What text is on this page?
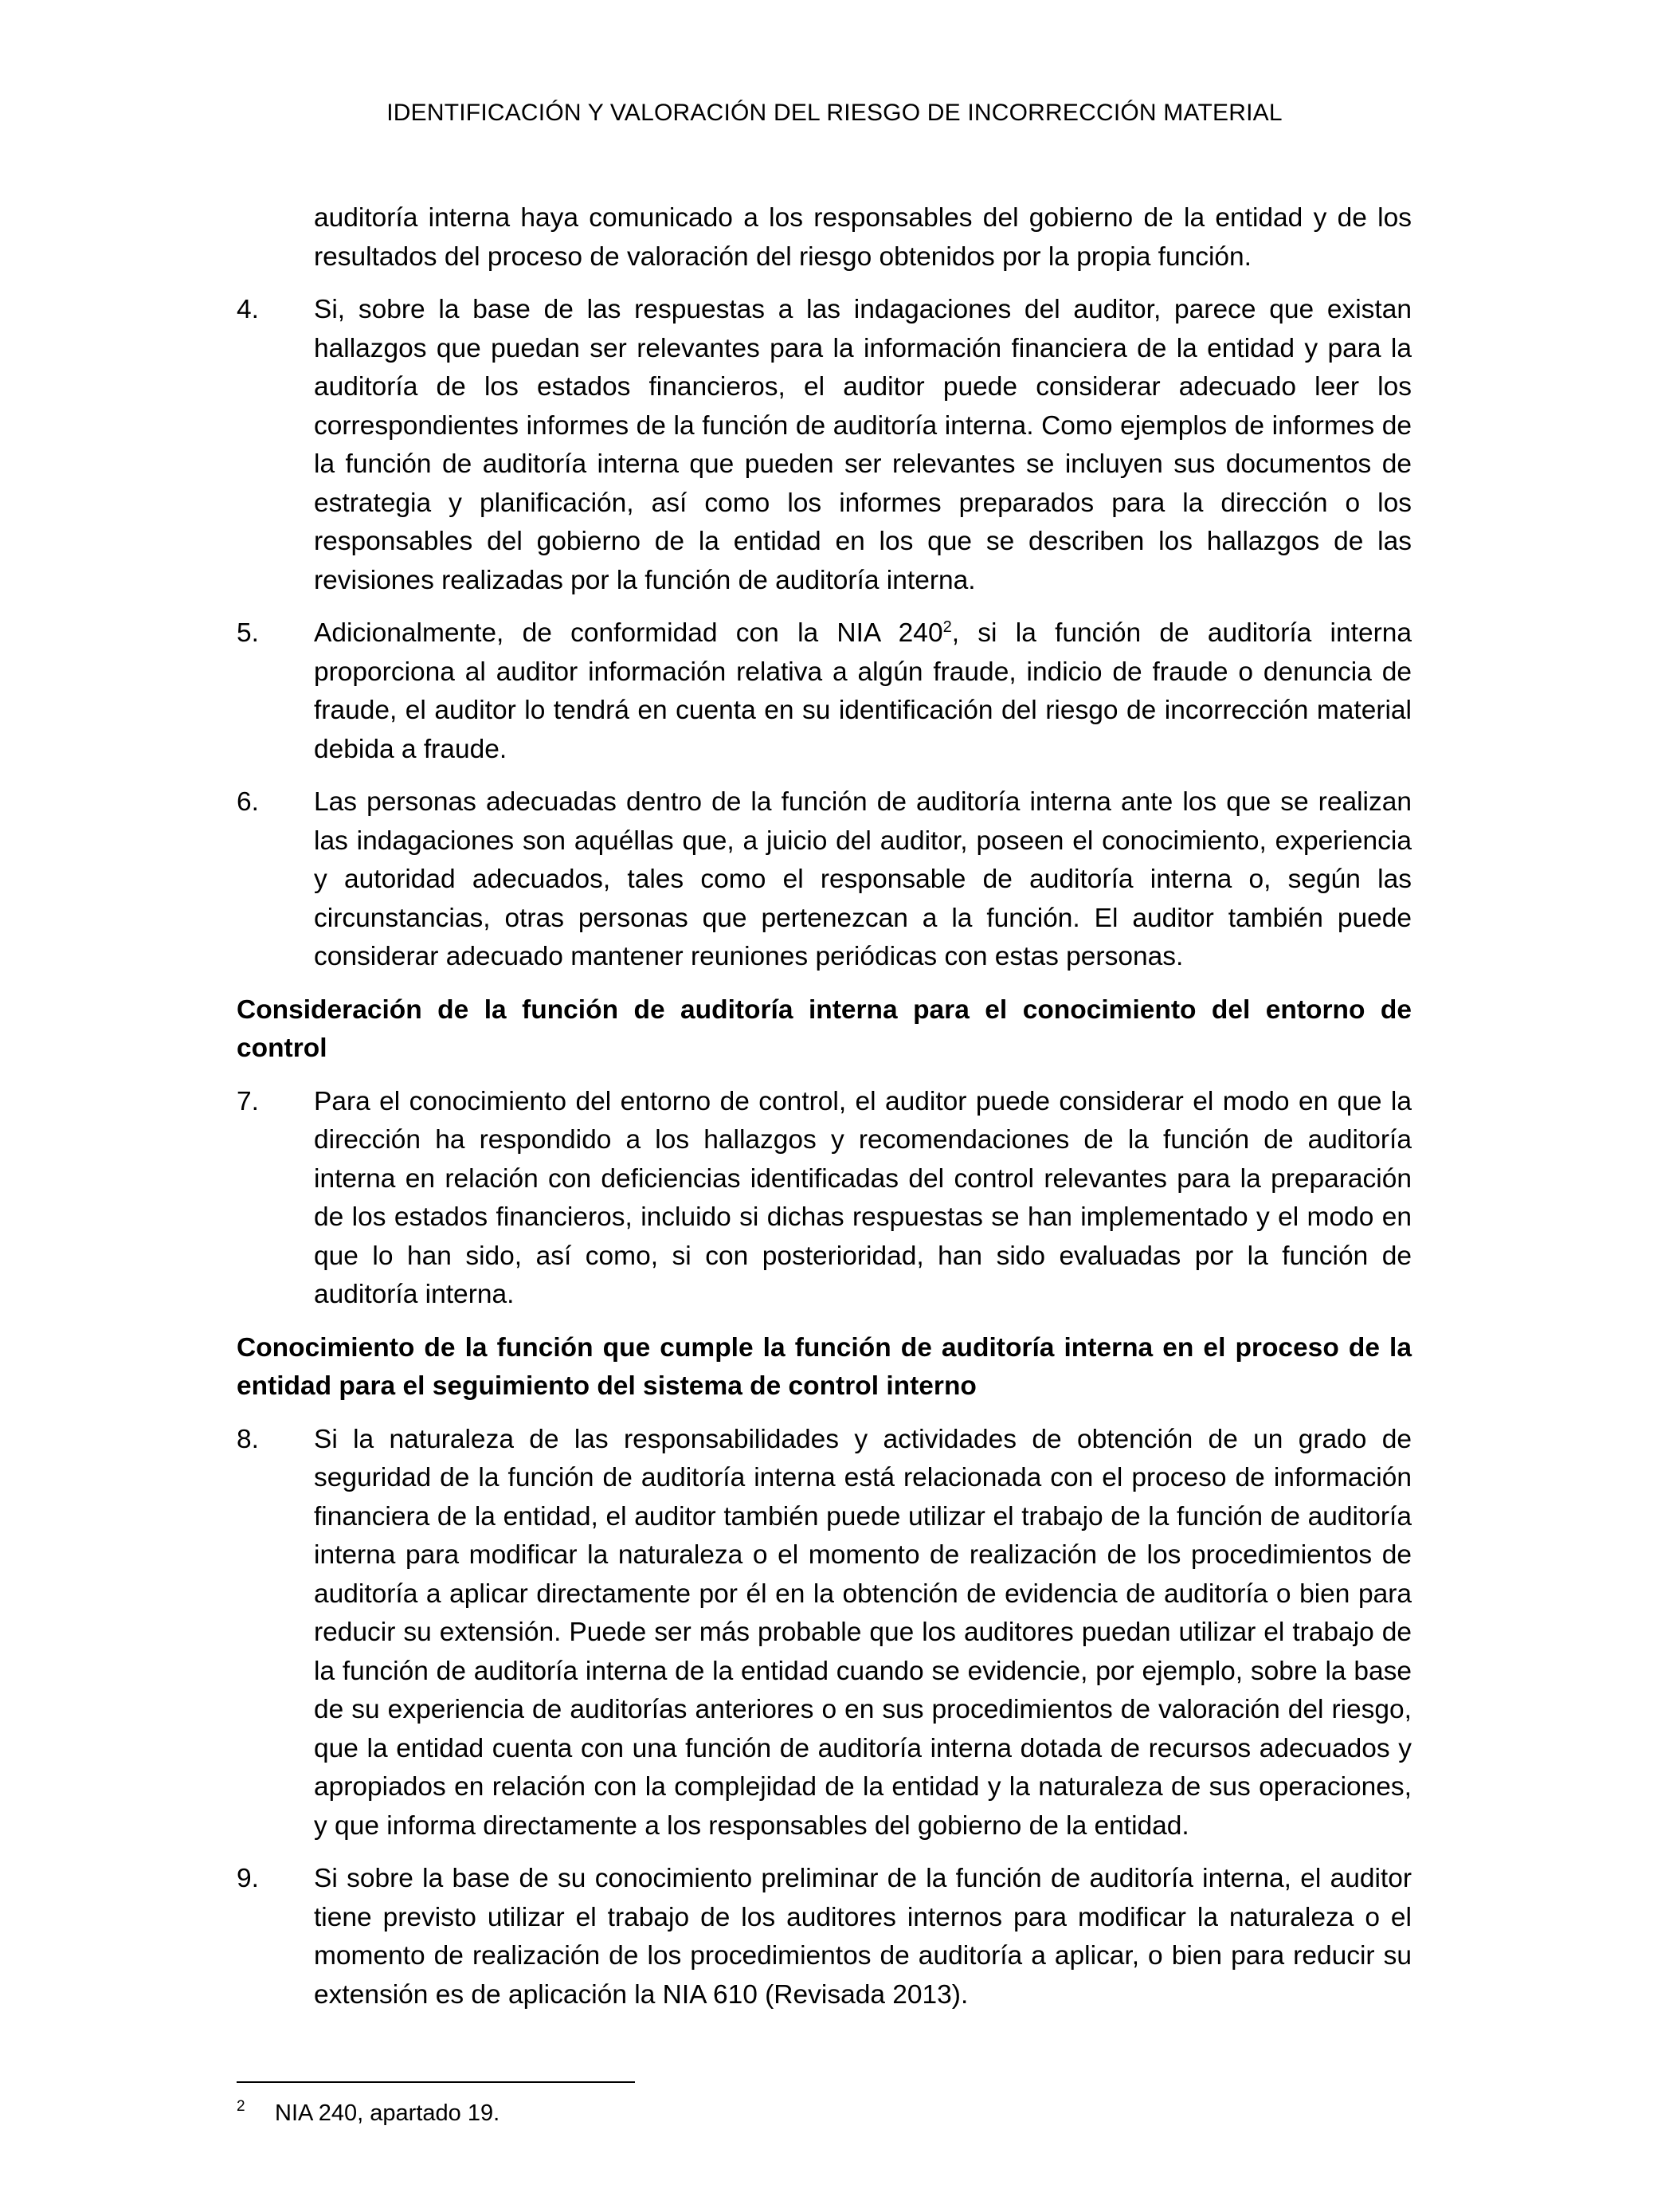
IDENTIFICACIÓN Y VALORACIÓN DEL RIESGO DE INCORRECCIÓN MATERIAL

auditoría interna haya comunicado a los responsables del gobierno de la entidad y de los resultados del proceso de valoración del riesgo obtenidos por la propia función.

4. Si, sobre la base de las respuestas a las indagaciones del auditor, parece que existan hallazgos que puedan ser relevantes para la información financiera de la entidad y para la auditoría de los estados financieros, el auditor puede considerar adecuado leer los correspondientes informes de la función de auditoría interna. Como ejemplos de informes de la función de auditoría interna que pueden ser relevantes se incluyen sus documentos de estrategia y planificación, así como los informes preparados para la dirección o los responsables del gobierno de la entidad en los que se describen los hallazgos de las revisiones realizadas por la función de auditoría interna.

5. Adicionalmente, de conformidad con la NIA $240^2$, si la función de auditoría interna proporciona al auditor información relativa a algún fraude, indicio de fraude o denuncia de fraude, el auditor lo tendrá en cuenta en su identificación del riesgo de incorrección material debida a fraude.

6. Las personas adecuadas dentro de la función de auditoría interna ante los que se realizan las indagaciones son aquéllas que, a juicio del auditor, poseen el conocimiento, experiencia y autoridad adecuados, tales como el responsable de auditoría interna o, según las circunstancias, otras personas que pertenezcan a la función. El auditor también puede considerar adecuado mantener reuniones periódicas con estas personas.

Consideración de la función de auditoría interna para el conocimiento del entorno de control

7. Para el conocimiento del entorno de control, el auditor puede considerar el modo en que la dirección ha respondido a los hallazgos y recomendaciones de la función de auditoría interna en relación con deficiencias identificadas del control relevantes para la preparación de los estados financieros, incluido si dichas respuestas se han implementado y el modo en que lo han sido, así como, si con posterioridad, han sido evaluadas por la función de auditoría interna.

Conocimiento de la función que cumple la función de auditoría interna en el proceso de la entidad para el seguimiento del sistema de control interno

8. Si la naturaleza de las responsabilidades y actividades de obtención de un grado de seguridad de la función de auditoría interna está relacionada con el proceso de información financiera de la entidad, el auditor también puede utilizar el trabajo de la función de auditoría interna para modificar la naturaleza o el momento de realización de los procedimientos de auditoría a aplicar directamente por él en la obtención de evidencia de auditoría o bien para reducir su extensión. Puede ser más probable que los auditores puedan utilizar el trabajo de la función de auditoría interna de la entidad cuando se evidencie, por ejemplo, sobre la base de su experiencia de auditorías anteriores o en sus procedimientos de valoración del riesgo, que la entidad cuenta con una función de auditoría interna dotada de recursos adecuados y apropiados en relación con la complejidad de la entidad y la naturaleza de sus operaciones, y que informa directamente a los responsables del gobierno de la entidad.

9. Si sobre la base de su conocimiento preliminar de la función de auditoría interna, el auditor tiene previsto utilizar el trabajo de los auditores internos para modificar la naturaleza o el momento de realización de los procedimientos de auditoría a aplicar, o bien para reducir su extensión es de aplicación la NIA 610 (Revisada 2013).

2 NIA 240, apartado 19.
